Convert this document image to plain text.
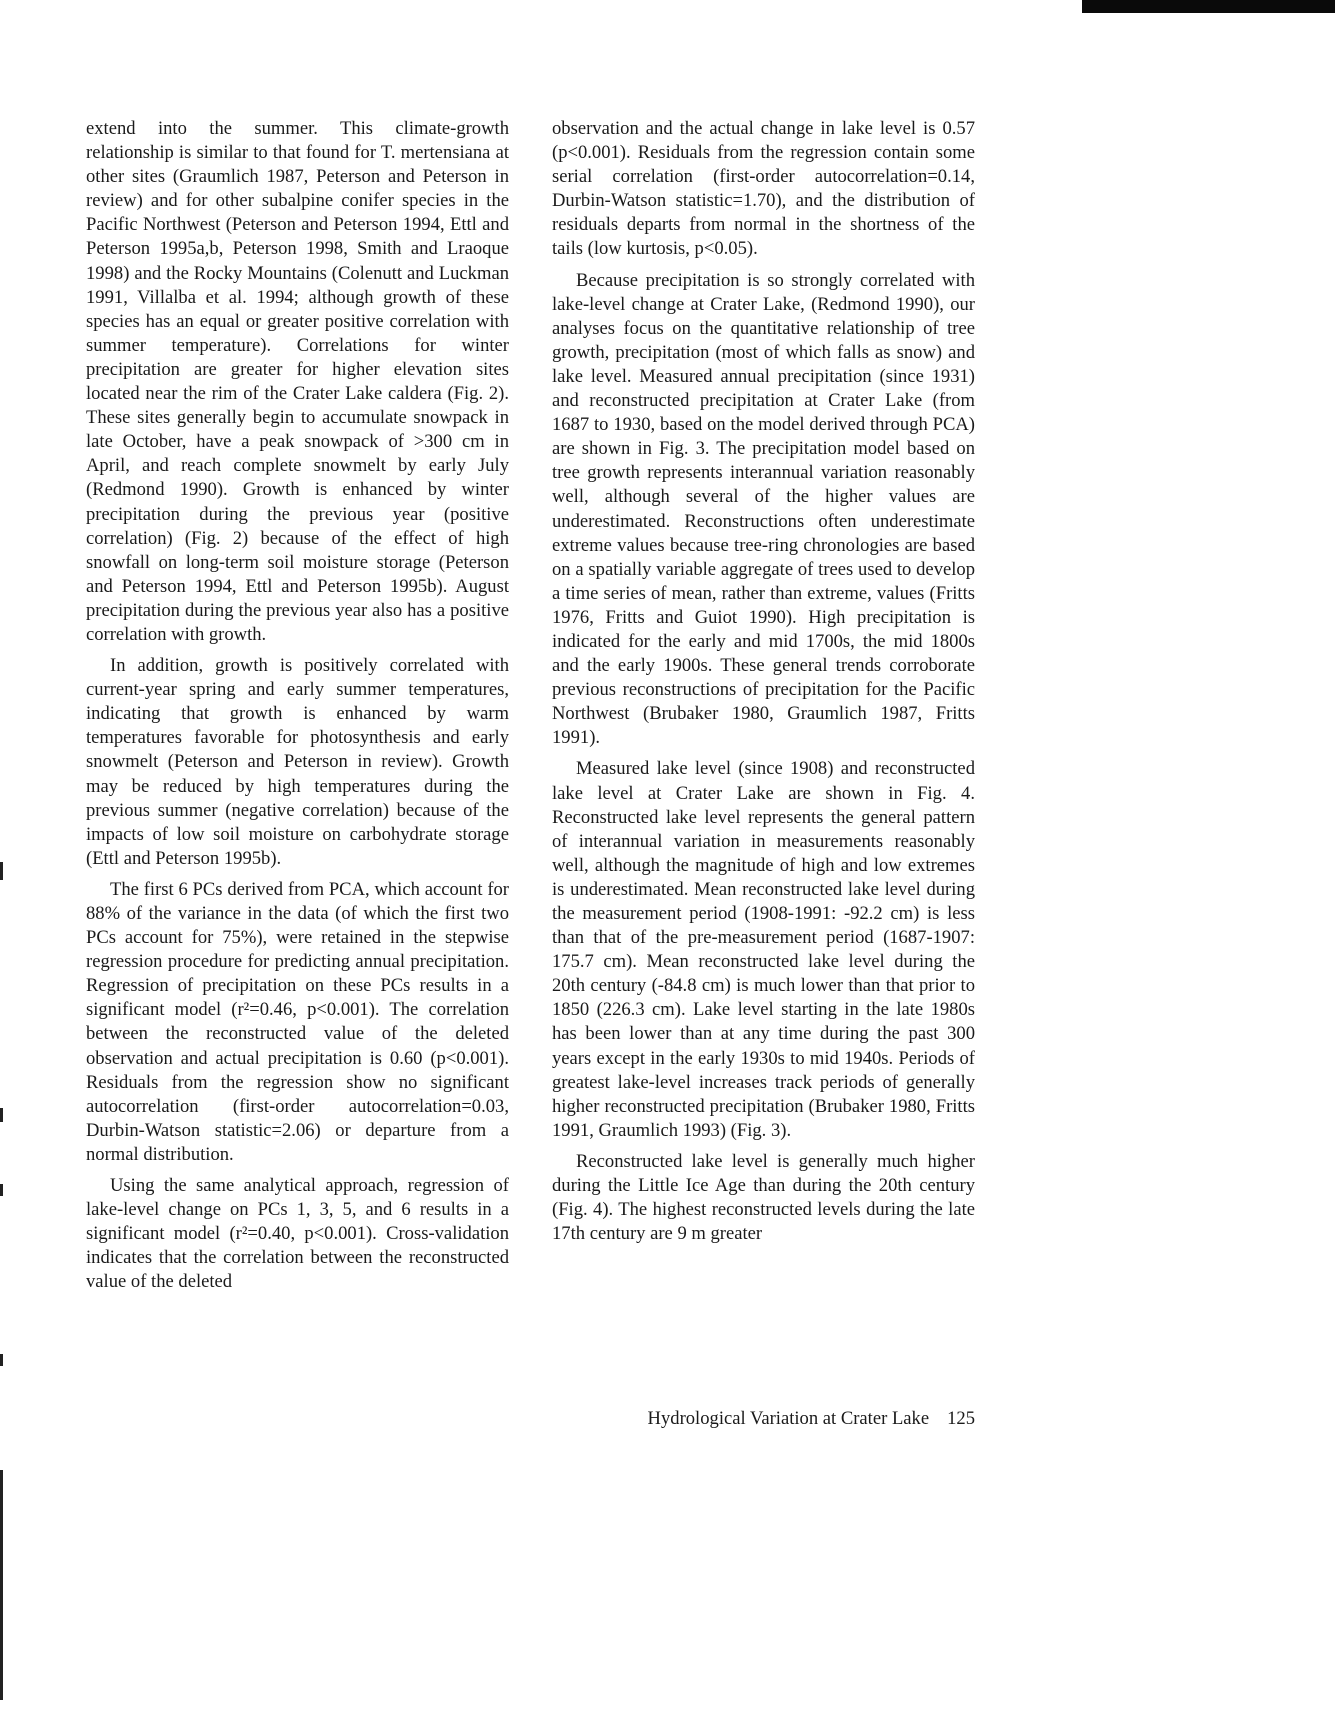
extend into the summer. This climate-growth relationship is similar to that found for T. mertensiana at other sites (Graumlich 1987, Peterson and Peterson in review) and for other subalpine conifer species in the Pacific Northwest (Peterson and Peterson 1994, Ettl and Peterson 1995a,b, Peterson 1998, Smith and Lraoque 1998) and the Rocky Mountains (Colenutt and Luckman 1991, Villalba et al. 1994; although growth of these species has an equal or greater positive correlation with summer temperature). Correlations for winter precipitation are greater for higher elevation sites located near the rim of the Crater Lake caldera (Fig. 2). These sites generally begin to accumulate snowpack in late October, have a peak snowpack of >300 cm in April, and reach complete snowmelt by early July (Redmond 1990). Growth is enhanced by winter precipitation during the previous year (positive correlation) (Fig. 2) because of the effect of high snowfall on long-term soil moisture storage (Peterson and Peterson 1994, Ettl and Peterson 1995b). August precipitation during the previous year also has a positive correlation with growth.

In addition, growth is positively correlated with current-year spring and early summer temperatures, indicating that growth is enhanced by warm temperatures favorable for photosynthesis and early snowmelt (Peterson and Peterson in review). Growth may be reduced by high temperatures during the previous summer (negative correlation) because of the impacts of low soil moisture on carbohydrate storage (Ettl and Peterson 1995b).

The first 6 PCs derived from PCA, which account for 88% of the variance in the data (of which the first two PCs account for 75%), were retained in the stepwise regression procedure for predicting annual precipitation. Regression of precipitation on these PCs results in a significant model (r²=0.46, p<0.001). The correlation between the reconstructed value of the deleted observation and actual precipitation is 0.60 (p<0.001). Residuals from the regression show no significant autocorrelation (first-order autocorrelation=0.03, Durbin-Watson statistic=2.06) or departure from a normal distribution.

Using the same analytical approach, regression of lake-level change on PCs 1, 3, 5, and 6 results in a significant model (r²=0.40, p<0.001). Cross-validation indicates that the correlation between the reconstructed value of the deleted

observation and the actual change in lake level is 0.57 (p<0.001). Residuals from the regression contain some serial correlation (first-order autocorrelation=0.14, Durbin-Watson statistic=1.70), and the distribution of residuals departs from normal in the shortness of the tails (low kurtosis, p<0.05).

Because precipitation is so strongly correlated with lake-level change at Crater Lake, (Redmond 1990), our analyses focus on the quantitative relationship of tree growth, precipitation (most of which falls as snow) and lake level. Measured annual precipitation (since 1931) and reconstructed precipitation at Crater Lake (from 1687 to 1930, based on the model derived through PCA) are shown in Fig. 3. The precipitation model based on tree growth represents interannual variation reasonably well, although several of the higher values are underestimated. Reconstructions often underestimate extreme values because tree-ring chronologies are based on a spatially variable aggregate of trees used to develop a time series of mean, rather than extreme, values (Fritts 1976, Fritts and Guiot 1990). High precipitation is indicated for the early and mid 1700s, the mid 1800s and the early 1900s. These general trends corroborate previous reconstructions of precipitation for the Pacific Northwest (Brubaker 1980, Graumlich 1987, Fritts 1991).

Measured lake level (since 1908) and reconstructed lake level at Crater Lake are shown in Fig. 4. Reconstructed lake level represents the general pattern of interannual variation in measurements reasonably well, although the magnitude of high and low extremes is underestimated. Mean reconstructed lake level during the measurement period (1908-1991: -92.2 cm) is less than that of the pre-measurement period (1687-1907: 175.7 cm). Mean reconstructed lake level during the 20th century (-84.8 cm) is much lower than that prior to 1850 (226.3 cm). Lake level starting in the late 1980s has been lower than at any time during the past 300 years except in the early 1930s to mid 1940s. Periods of greatest lake-level increases track periods of generally higher reconstructed precipitation (Brubaker 1980, Fritts 1991, Graumlich 1993) (Fig. 3).

Reconstructed lake level is generally much higher during the Little Ice Age than during the 20th century (Fig. 4). The highest reconstructed levels during the late 17th century are 9 m greater

Hydrological Variation at Crater Lake 125
